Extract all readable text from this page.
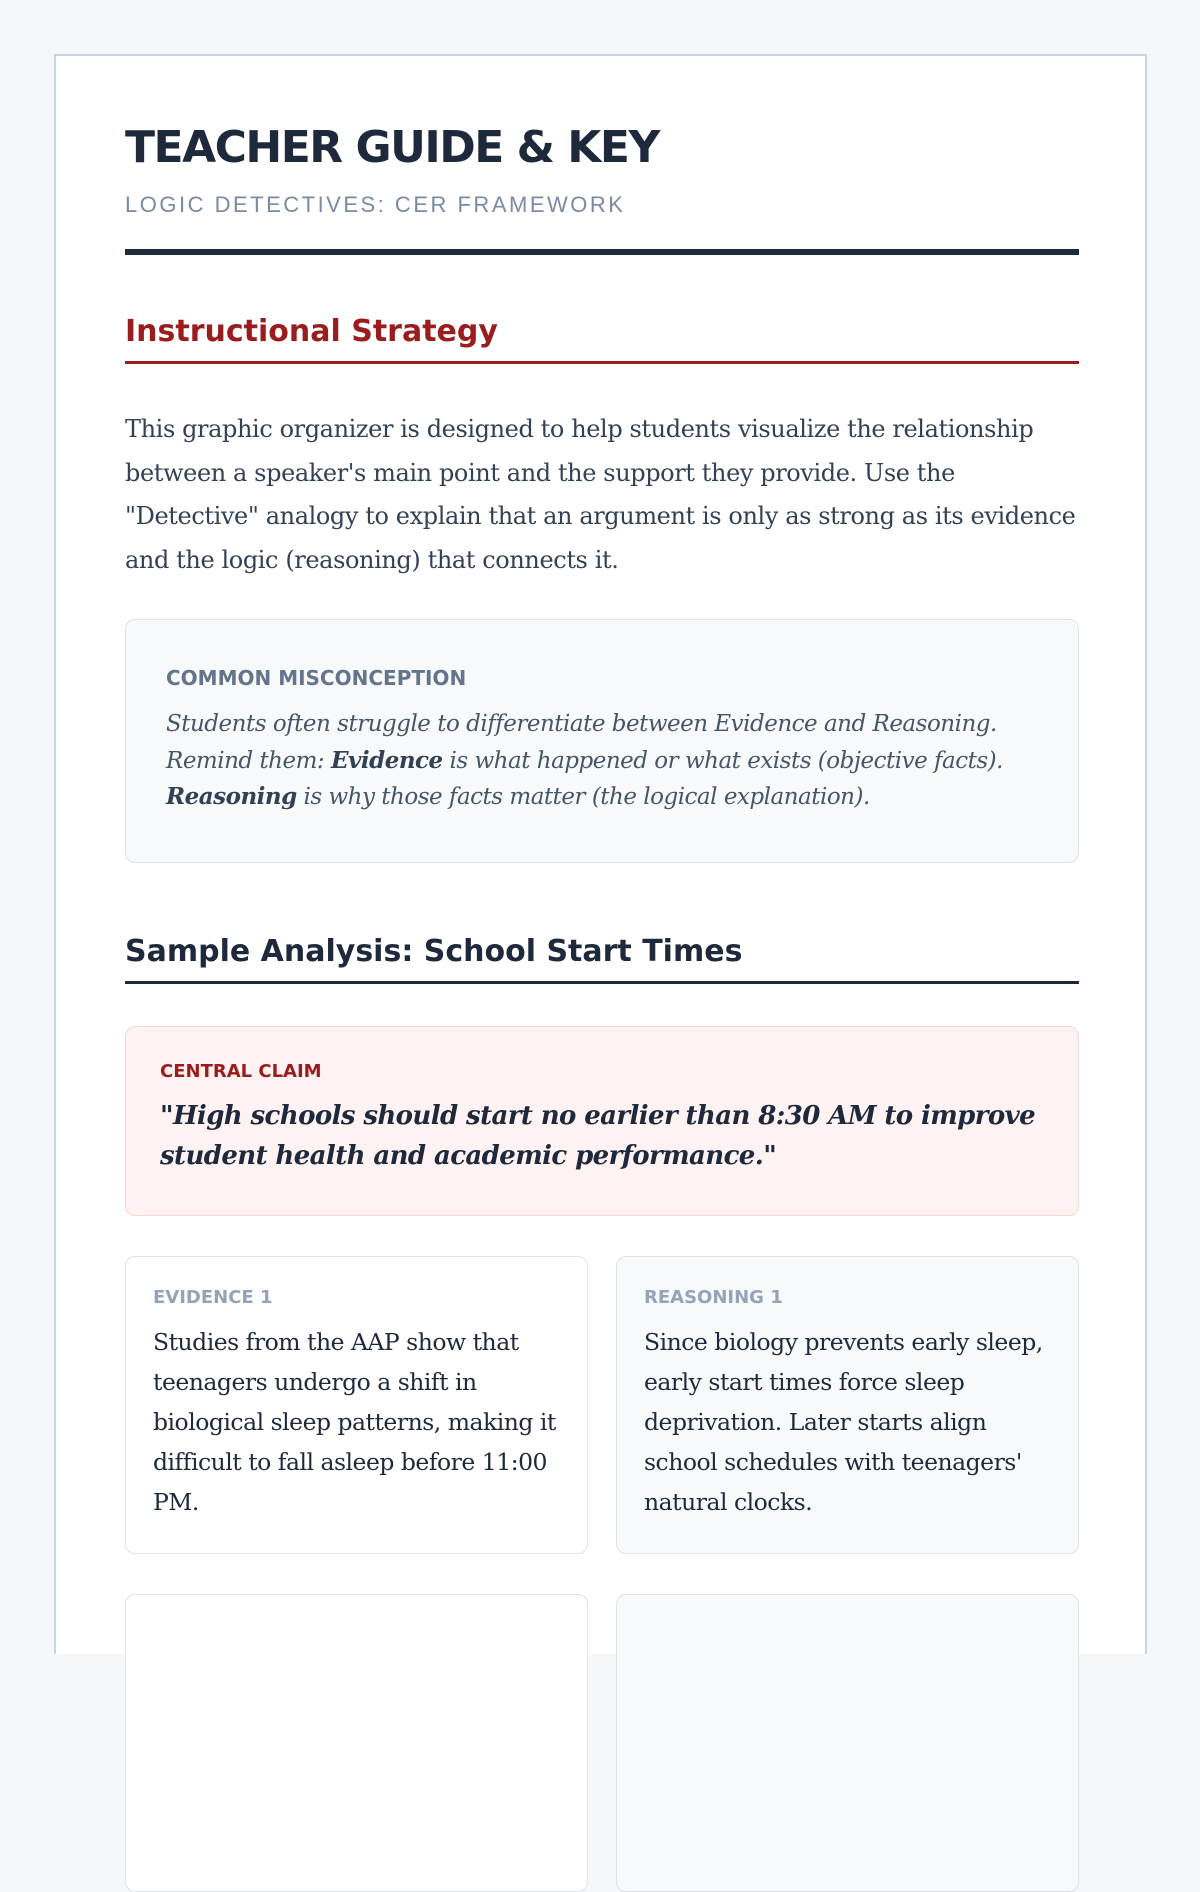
TEACHER GUIDE & KEY
LOGIC DETECTIVES: CER FRAMEWORK
Instructional Strategy
This graphic organizer is designed to help students visualize the relationship between a speaker's main point and the support they provide. Use the "Detective" analogy to explain that an argument is only as strong as its evidence and the logic (reasoning) that connects it.
COMMON MISCONCEPTION
Students often struggle to differentiate between Evidence and Reasoning. Remind them: Evidence is what happened or what exists (objective facts). Reasoning is why those facts matter (the logical explanation).
Sample Analysis: School Start Times
CENTRAL CLAIM
"High schools should start no earlier than 8:30 AM to improve student health and academic performance."
EVIDENCE 1
Studies from the AAP show that teenagers undergo a shift in biological sleep patterns, making it difficult to fall asleep before 11:00 PM.
REASONING 1
Since biology prevents early sleep, early start times force sleep deprivation. Later starts align school schedules with teenagers' natural clocks.
